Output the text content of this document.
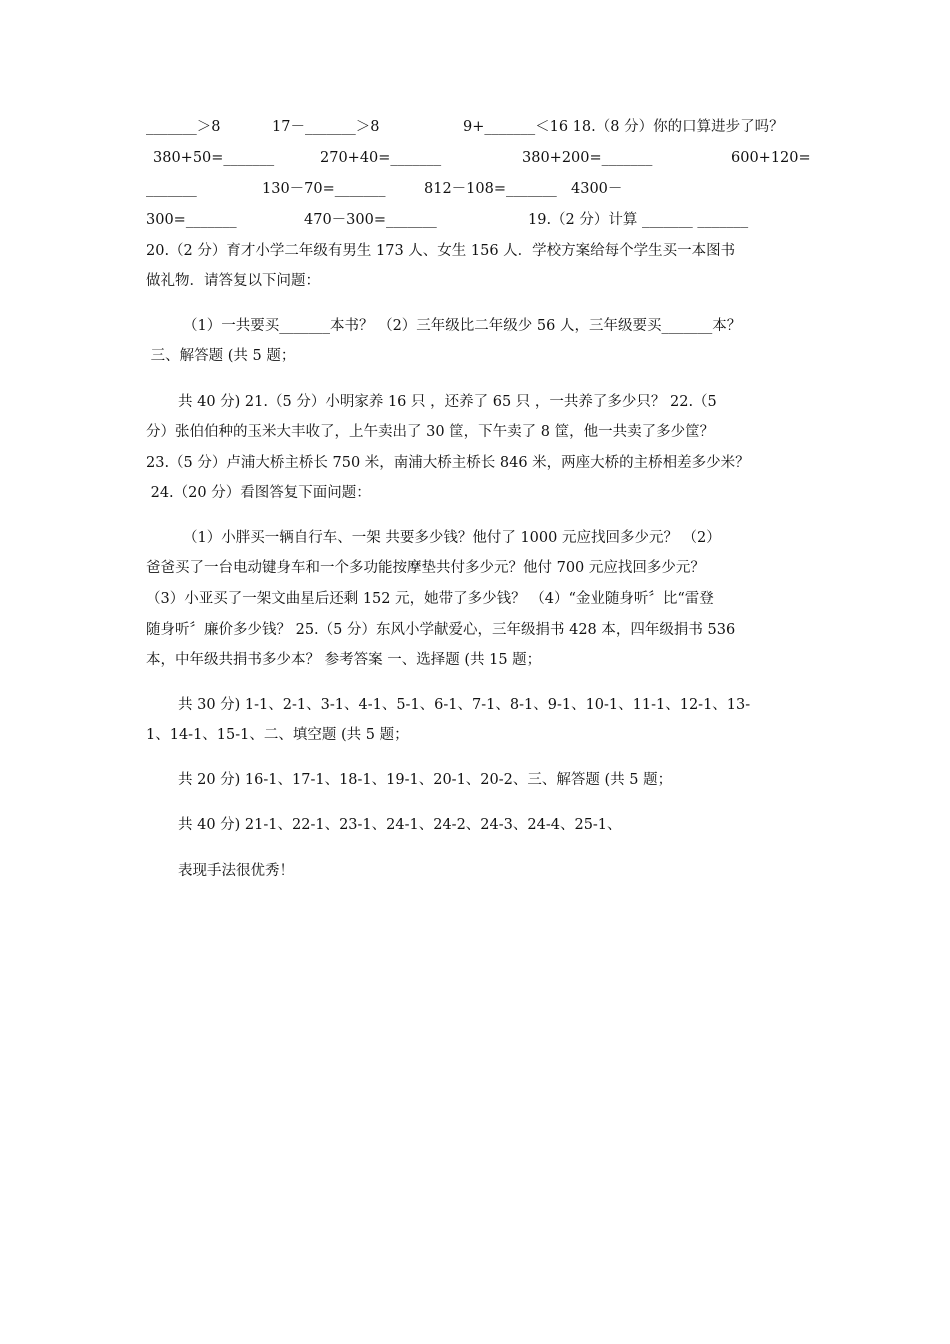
_______＞8	17－_______＞8	9+_______＜16 18.（8 分）你的口算进步了吗？
380+50=_______	270+40=_______	380+200=_______	600+120=
_______	130－70=_______	812－108=_______ 4300－
300=_______	470－300=_______	19.（2 分）计算 _______ _______
20.（2 分）育才小学二年级有男生 173 人、女生 156 人．学校方案给每个学生买一本图书
做礼物．请答复以下问题：
（1）一共要买_______本书？ （2）三年级比二年级少 56 人，三年级要买_______本？
三、解答题 (共 5 题；
共 40 分) 21.（5 分）小明家养 16 只 ，还养了 65 只 ，一共养了多少只？ 22.（5
分）张伯伯种的玉米大丰收了，上午卖出了 30 筐，下午卖了 8 筐，他一共卖了多少筐？
23.（5 分）卢浦大桥主桥长 750 米，南浦大桥主桥长 846 米，两座大桥的主桥相差多少米？
24.（20 分）看图答复下面问题：
（1）小胖买一辆自行车、一架 共要多少钱？他付了 1000 元应找回多少元？ （2）
爸爸买了一台电动键身车和一个多功能按摩垫共付多少元？他付 700 元应找回多少元？
（3）小亚买了一架文曲星后还剩 152 元，她带了多少钱？ （4）“金业随身听〞比“雷登
随身听〞廉价多少钱？ 25.（5 分）东风小学献爱心，三年级捐书 428 本，四年级捐书 536
本，中年级共捐书多少本？ 参考答案 一、选择题 (共 15 题；
共 30 分) 1-1、2-1、3-1、4-1、5-1、6-1、7-1、8-1、9-1、10-1、11-1、12-1、13-
1、14-1、15-1、二、填空题 (共 5 题；
共 20 分) 16-1、17-1、18-1、19-1、20-1、20-2、三、解答题 (共 5 题；
共 40 分) 21-1、22-1、23-1、24-1、24-2、24-3、24-4、25-1、
表现手法很优秀！
